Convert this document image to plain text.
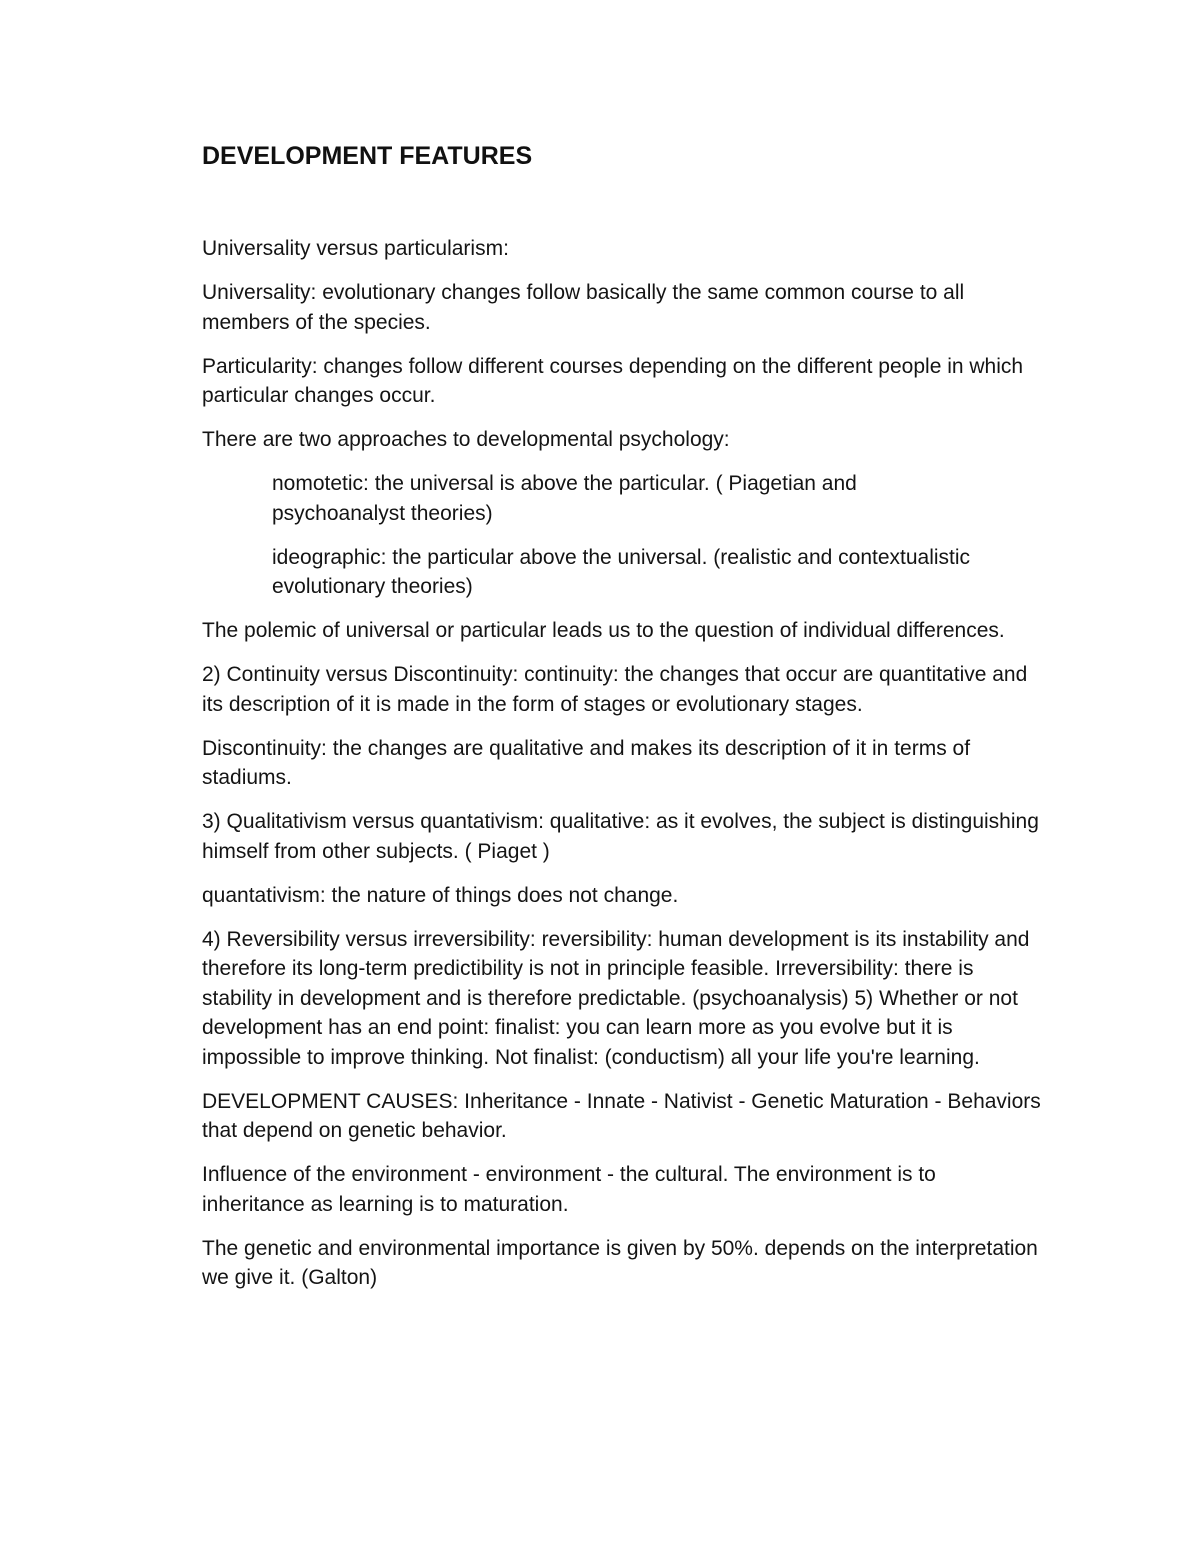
DEVELOPMENT FEATURES

Universality versus particularism:

Universality: evolutionary changes follow basically the same common course to all members of the species.

Particularity: changes follow different courses depending on the different people in which particular changes occur.

There are two approaches to developmental psychology:

nomotetic: the universal is above the particular. ( Piagetian and psychoanalyst theories)

ideographic: the particular above the universal. (realistic and contextualistic evolutionary theories)

The polemic of universal or particular leads us to the question of individual differences.

2) Continuity versus Discontinuity: continuity: the changes that occur are quantitative and its description of it is made in the form of stages or evolutionary stages.

Discontinuity: the changes are qualitative and makes its description of it in terms of stadiums.

3) Qualitativism versus quantativism: qualitative: as it evolves, the subject is distinguishing himself from other subjects. ( Piaget )

quantativism: the nature of things does not change.

4) Reversibility versus irreversibility: reversibility: human development is its instability and therefore its long-term predictibility is not in principle feasible. Irreversibility: there is stability in development and is therefore predictable. (psychoanalysis) 5) Whether or not development has an end point: finalist: you can learn more as you evolve but it is impossible to improve thinking. Not finalist: (conductism) all your life you're learning.

DEVELOPMENT CAUSES: Inheritance - Innate - Nativist - Genetic Maturation - Behaviors that depend on genetic behavior.

Influence of the environment - environment - the cultural. The environment is to inheritance as learning is to maturation.

The genetic and environmental importance is given by 50%. depends on the interpretation we give it. (Galton)
